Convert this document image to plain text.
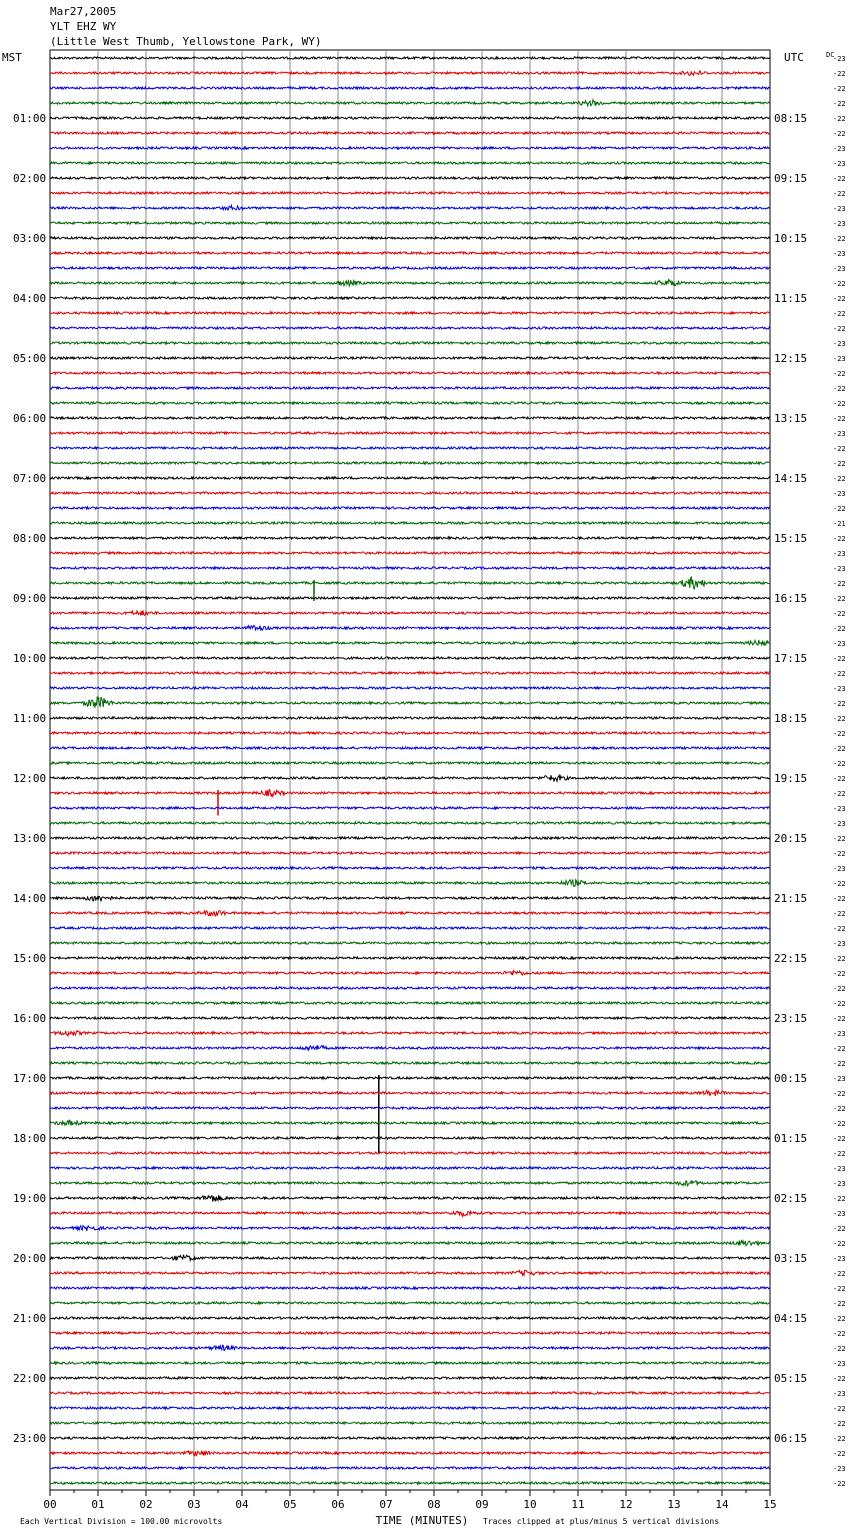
Mar27,2005
YLT EHZ WY
(Little West Thumb, Yellowstone Park, WY)
-23
-22
-22
-22
-22
-22
-23
-23
-22
-22
-23
-23
-22
-23
-23
-22
-22
-22
-22
-23
-23
-22
-22
-22
-22
-23
-22
-22
-22
-23
-22
-21
-22
-23
-23
-22
-22
-22
-22
-23
-22
-22
-23
-22
-22
-22
-22
-22
-22
-22
-23
-23
-22
-22
-23
-22
-22
-22
-22
-23
-22
-22
-22
-22
-22
-23
-22
-22
-23
-22
-22
-22
-22
-22
-23
-23
-22
-23
-22
-22
-23
-22
-22
-22
-22
-22
-22
-23
-22
-23
-22
-22
-22
-22
-23
-22
DC
MST	UTC
01:00	08:15
02:00	09:15
03:00	10:15
04:00	11:15
05:00	12:15
06:00	13:15
07:00	14:15
08:00	15:15
09:00	16:15
10:00	17:15
11:00	18:15
12:00	19:15
13:00	20:15
14:00	21:15
15:00	22:15
16:00	23:15
17:00	00:15
18:00	01:15
19:00	02:15
20:00	03:15
21:00	04:15
22:00	05:15
23:00	06:15
00	01	02	03	04	05	06	07	08	09	10	11	12	13	14	15
TIME (MINUTES)
Each Vertical Division = 100.00 microvolts	Traces clipped at plus/minus 5 vertical divisions
